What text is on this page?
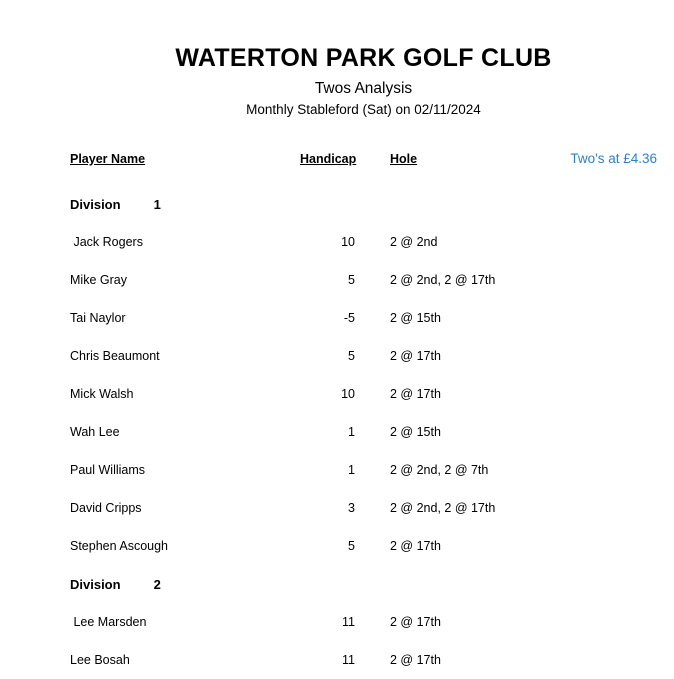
WATERTON PARK GOLF CLUB
Twos Analysis
Monthly Stableford (Sat) on 02/11/2024
Player Name	Handicap	Hole	Two's at £4.36
Division	1
Jack Rogers	10	2 @ 2nd
Mike Gray	5	2 @ 2nd, 2 @ 17th
Tai Naylor	-5	2 @ 15th
Chris Beaumont	5	2 @ 17th
Mick Walsh	10	2 @ 17th
Wah Lee	1	2 @ 15th
Paul Williams	1	2 @ 2nd, 2 @ 7th
David Cripps	3	2 @ 2nd, 2 @ 17th
Stephen Ascough	5	2 @ 17th
Division	2
Lee Marsden	11	2 @ 17th
Lee Bosah	11	2 @ 17th
